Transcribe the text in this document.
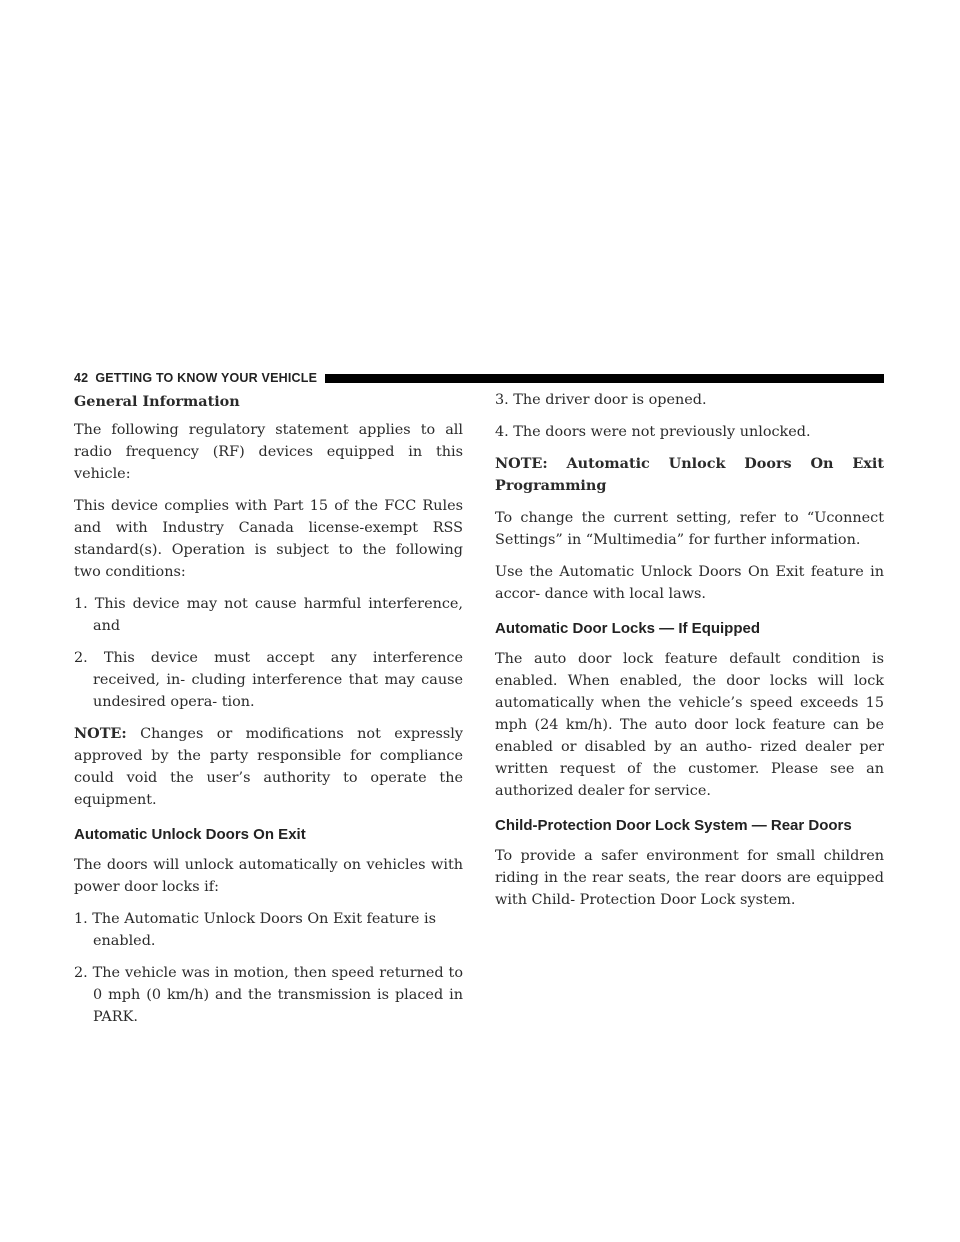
42 GETTING TO KNOW YOUR VEHICLE
General Information

The following regulatory statement applies to all radio frequency (RF) devices equipped in this vehicle:

This device complies with Part 15 of the FCC Rules and with Industry Canada license-exempt RSS standard(s). Operation is subject to the following two conditions:

1. This device may not cause harmful interference, and
2. This device must accept any interference received, in- cluding interference that may cause undesired opera- tion.

NOTE: Changes or modifications not expressly approved by the party responsible for compliance could void the user’s authority to operate the equipment.

Automatic Unlock Doors On Exit

The doors will unlock automatically on vehicles with power door locks if:

1. The Automatic Unlock Doors On Exit feature is enabled.
2. The vehicle was in motion, then speed returned to 0 mph (0 km/h) and the transmission is placed in PARK.
3. The driver door is opened.
4. The doors were not previously unlocked.

NOTE: Automatic Unlock Doors On Exit Programming

To change the current setting, refer to “Uconnect Settings” in “Multimedia” for further information.

Use the Automatic Unlock Doors On Exit feature in accor- dance with local laws.

Automatic Door Locks — If Equipped

The auto door lock feature default condition is enabled. When enabled, the door locks will lock automatically when the vehicle’s speed exceeds 15 mph (24 km/h). The auto door lock feature can be enabled or disabled by an autho- rized dealer per written request of the customer. Please see an authorized dealer for service.

Child-Protection Door Lock System — Rear Doors

To provide a safer environment for small children riding in the rear seats, the rear doors are equipped with Child- Protection Door Lock system.
